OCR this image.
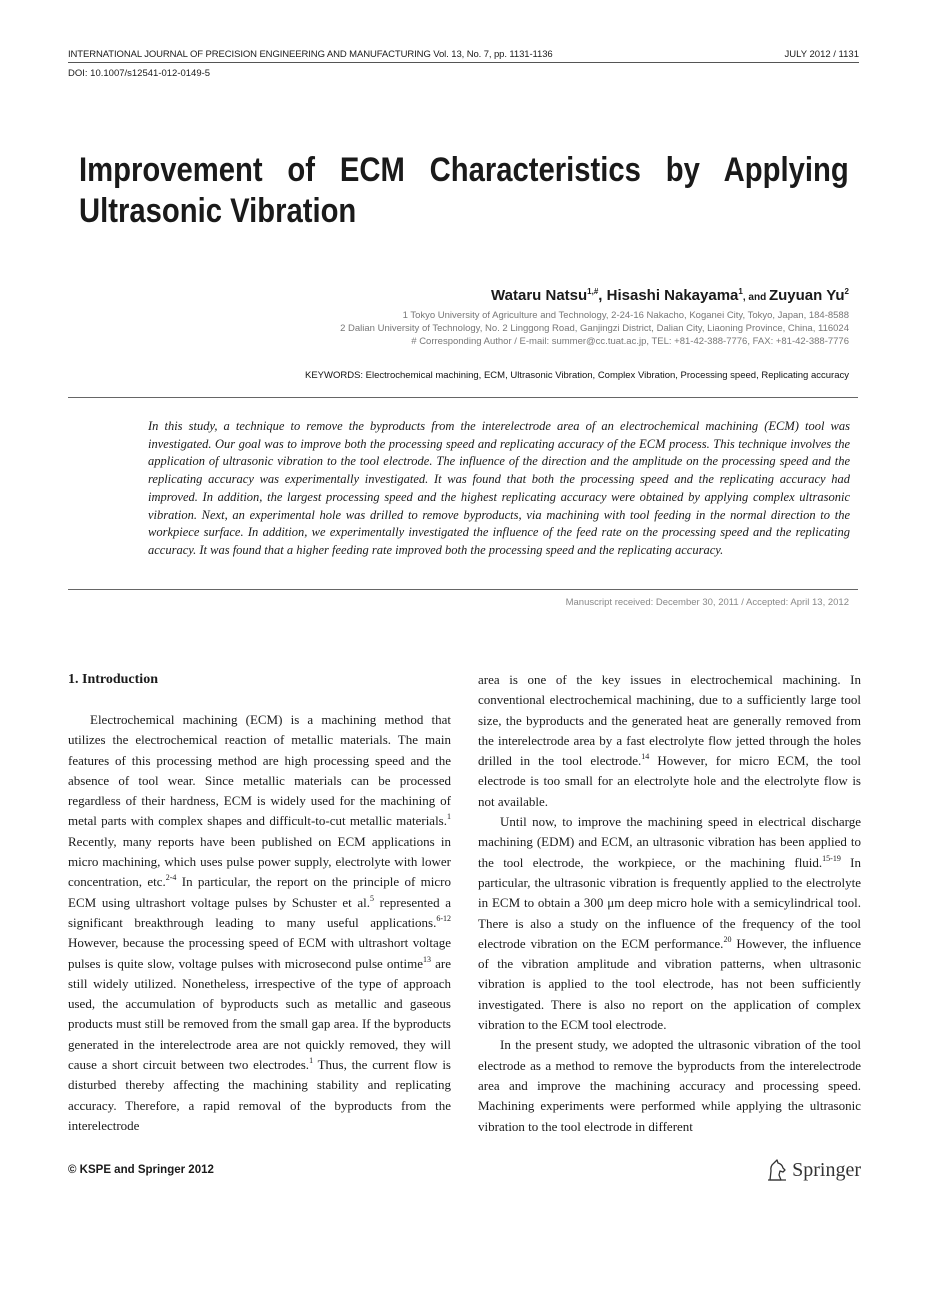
INTERNATIONAL JOURNAL OF PRECISION ENGINEERING AND MANUFACTURING Vol. 13, No. 7, pp. 1131-1136	JULY 2012 / 1131
DOI: 10.1007/s12541-012-0149-5
Improvement of ECM Characteristics by Applying Ultrasonic Vibration
Wataru Natsu$^{1,\#}$, Hisashi Nakayama$^1$, and Zuyuan Yu$^2$
1 Tokyo University of Agriculture and Technology, 2-24-16 Nakacho, Koganei City, Tokyo, Japan, 184-8588
2 Dalian University of Technology, No. 2 Linggong Road, Ganjingzi District, Dalian City, Liaoning Province, China, 116024
# Corresponding Author / E-mail: summer@cc.tuat.ac.jp, TEL: +81-42-388-7776, FAX: +81-42-388-7776
KEYWORDS: Electrochemical machining, ECM, Ultrasonic Vibration, Complex Vibration, Processing speed, Replicating accuracy
In this study, a technique to remove the byproducts from the interelectrode area of an electrochemical machining (ECM) tool was investigated. Our goal was to improve both the processing speed and replicating accuracy of the ECM process. This technique involves the application of ultrasonic vibration to the tool electrode. The influence of the direction and the amplitude on the processing speed and the replicating accuracy was experimentally investigated. It was found that both the processing speed and the replicating accuracy had improved. In addition, the largest processing speed and the highest replicating accuracy were obtained by applying complex ultrasonic vibration. Next, an experimental hole was drilled to remove byproducts, via machining with tool feeding in the normal direction to the workpiece surface. In addition, we experimentally investigated the influence of the feed rate on the processing speed and the replicating accuracy. It was found that a higher feeding rate improved both the processing speed and the replicating accuracy.
Manuscript received: December 30, 2011 / Accepted: April 13, 2012
1. Introduction

Electrochemical machining (ECM) is a machining method that utilizes the electrochemical reaction of metallic materials. The main features of this processing method are high processing speed and the absence of tool wear. Since metallic materials can be processed regardless of their hardness, ECM is widely used for the machining of metal parts with complex shapes and difficult-to-cut metallic materials.$^1$ Recently, many reports have been published on ECM applications in micro machining, which uses pulse power supply, electrolyte with lower concentration, etc.$^{2-4}$ In particular, the report on the principle of micro ECM using ultrashort voltage pulses by Schuster et al.$^5$ represented a significant breakthrough leading to many useful applications.$^{6-12}$ However, because the processing speed of ECM with ultrashort voltage pulses is quite slow, voltage pulses with microsecond pulse ontime$^{13}$ are still widely utilized. Nonetheless, irrespective of the type of approach used, the accumulation of byproducts such as metallic and gaseous products must still be removed from the small gap area. If the byproducts generated in the interelectrode area are not quickly removed, they will cause a short circuit between two electrodes.$^1$ Thus, the current flow is disturbed thereby affecting the machining stability and replicating accuracy. Therefore, a rapid removal of the byproducts from the interelectrode

area is one of the key issues in electrochemical machining. In conventional electrochemical machining, due to a sufficiently large tool size, the byproducts and the generated heat are generally removed from the interelectrode area by a fast electrolyte flow jetted through the holes drilled in the tool electrode.$^{14}$ However, for micro ECM, the tool electrode is too small for an electrolyte hole and the electrolyte flow is not available.

Until now, to improve the machining speed in electrical discharge machining (EDM) and ECM, an ultrasonic vibration has been applied to the tool electrode, the workpiece, or the machining fluid.$^{15-19}$ In particular, the ultrasonic vibration is frequently applied to the electrolyte in ECM to obtain a 300 μm deep micro hole with a semicylindrical tool. There is also a study on the influence of the frequency of the tool electrode vibration on the ECM performance.$^{20}$ However, the influence of the vibration amplitude and vibration patterns, when ultrasonic vibration is applied to the tool electrode, has not been sufficiently investigated. There is also no report on the application of complex vibration to the ECM tool electrode.

In the present study, we adopted the ultrasonic vibration of the tool electrode as a method to remove the byproducts from the interelectrode area and improve the machining accuracy and processing speed. Machining experiments were performed while applying the ultrasonic vibration to the tool electrode in different

© KSPE and Springer 2012	Springer
